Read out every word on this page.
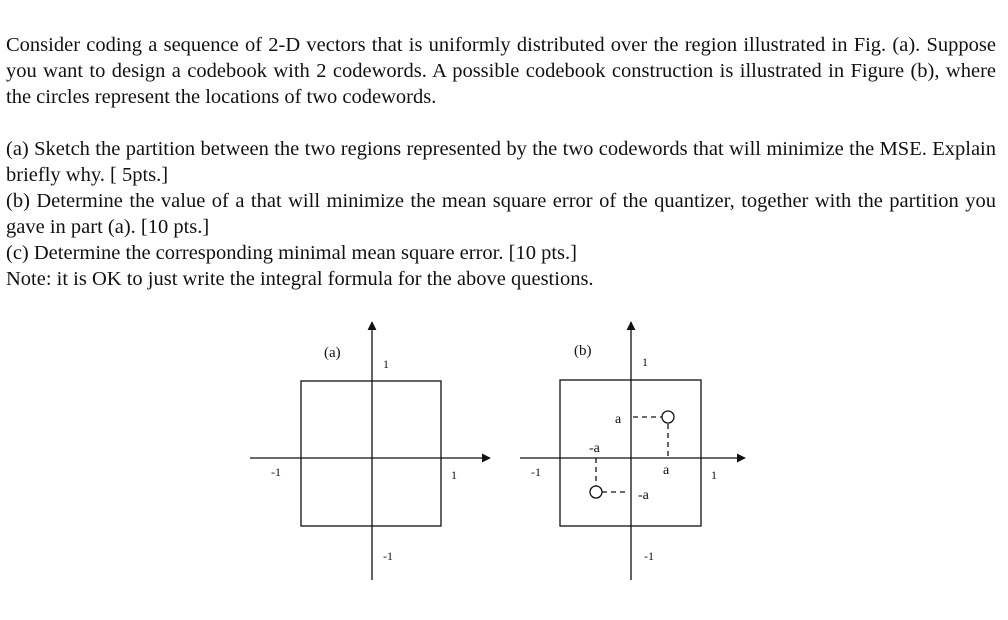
Consider coding a sequence of 2-D vectors that is uniformly distributed over the region illustrated in Fig. (a). Suppose you want to design a codebook with 2 codewords. A possible codebook construction is illustrated in Figure (b), where the circles represent the locations of two codewords.

(a) Sketch the partition between the two regions represented by the two codewords that will minimize the MSE. Explain briefly why. [ 5pts.]

(b) Determine the value of a that will minimize the mean square error of the quantizer, together with the partition you gave in part (a). [10 pts.]

(c) Determine the corresponding minimal mean square error. [10 pts.]

Note: it is OK to just write the integral formula for the above questions.

(a)
1
-1
1
-1
(b)
1
-1
1
-1
a
a
-a
-a
